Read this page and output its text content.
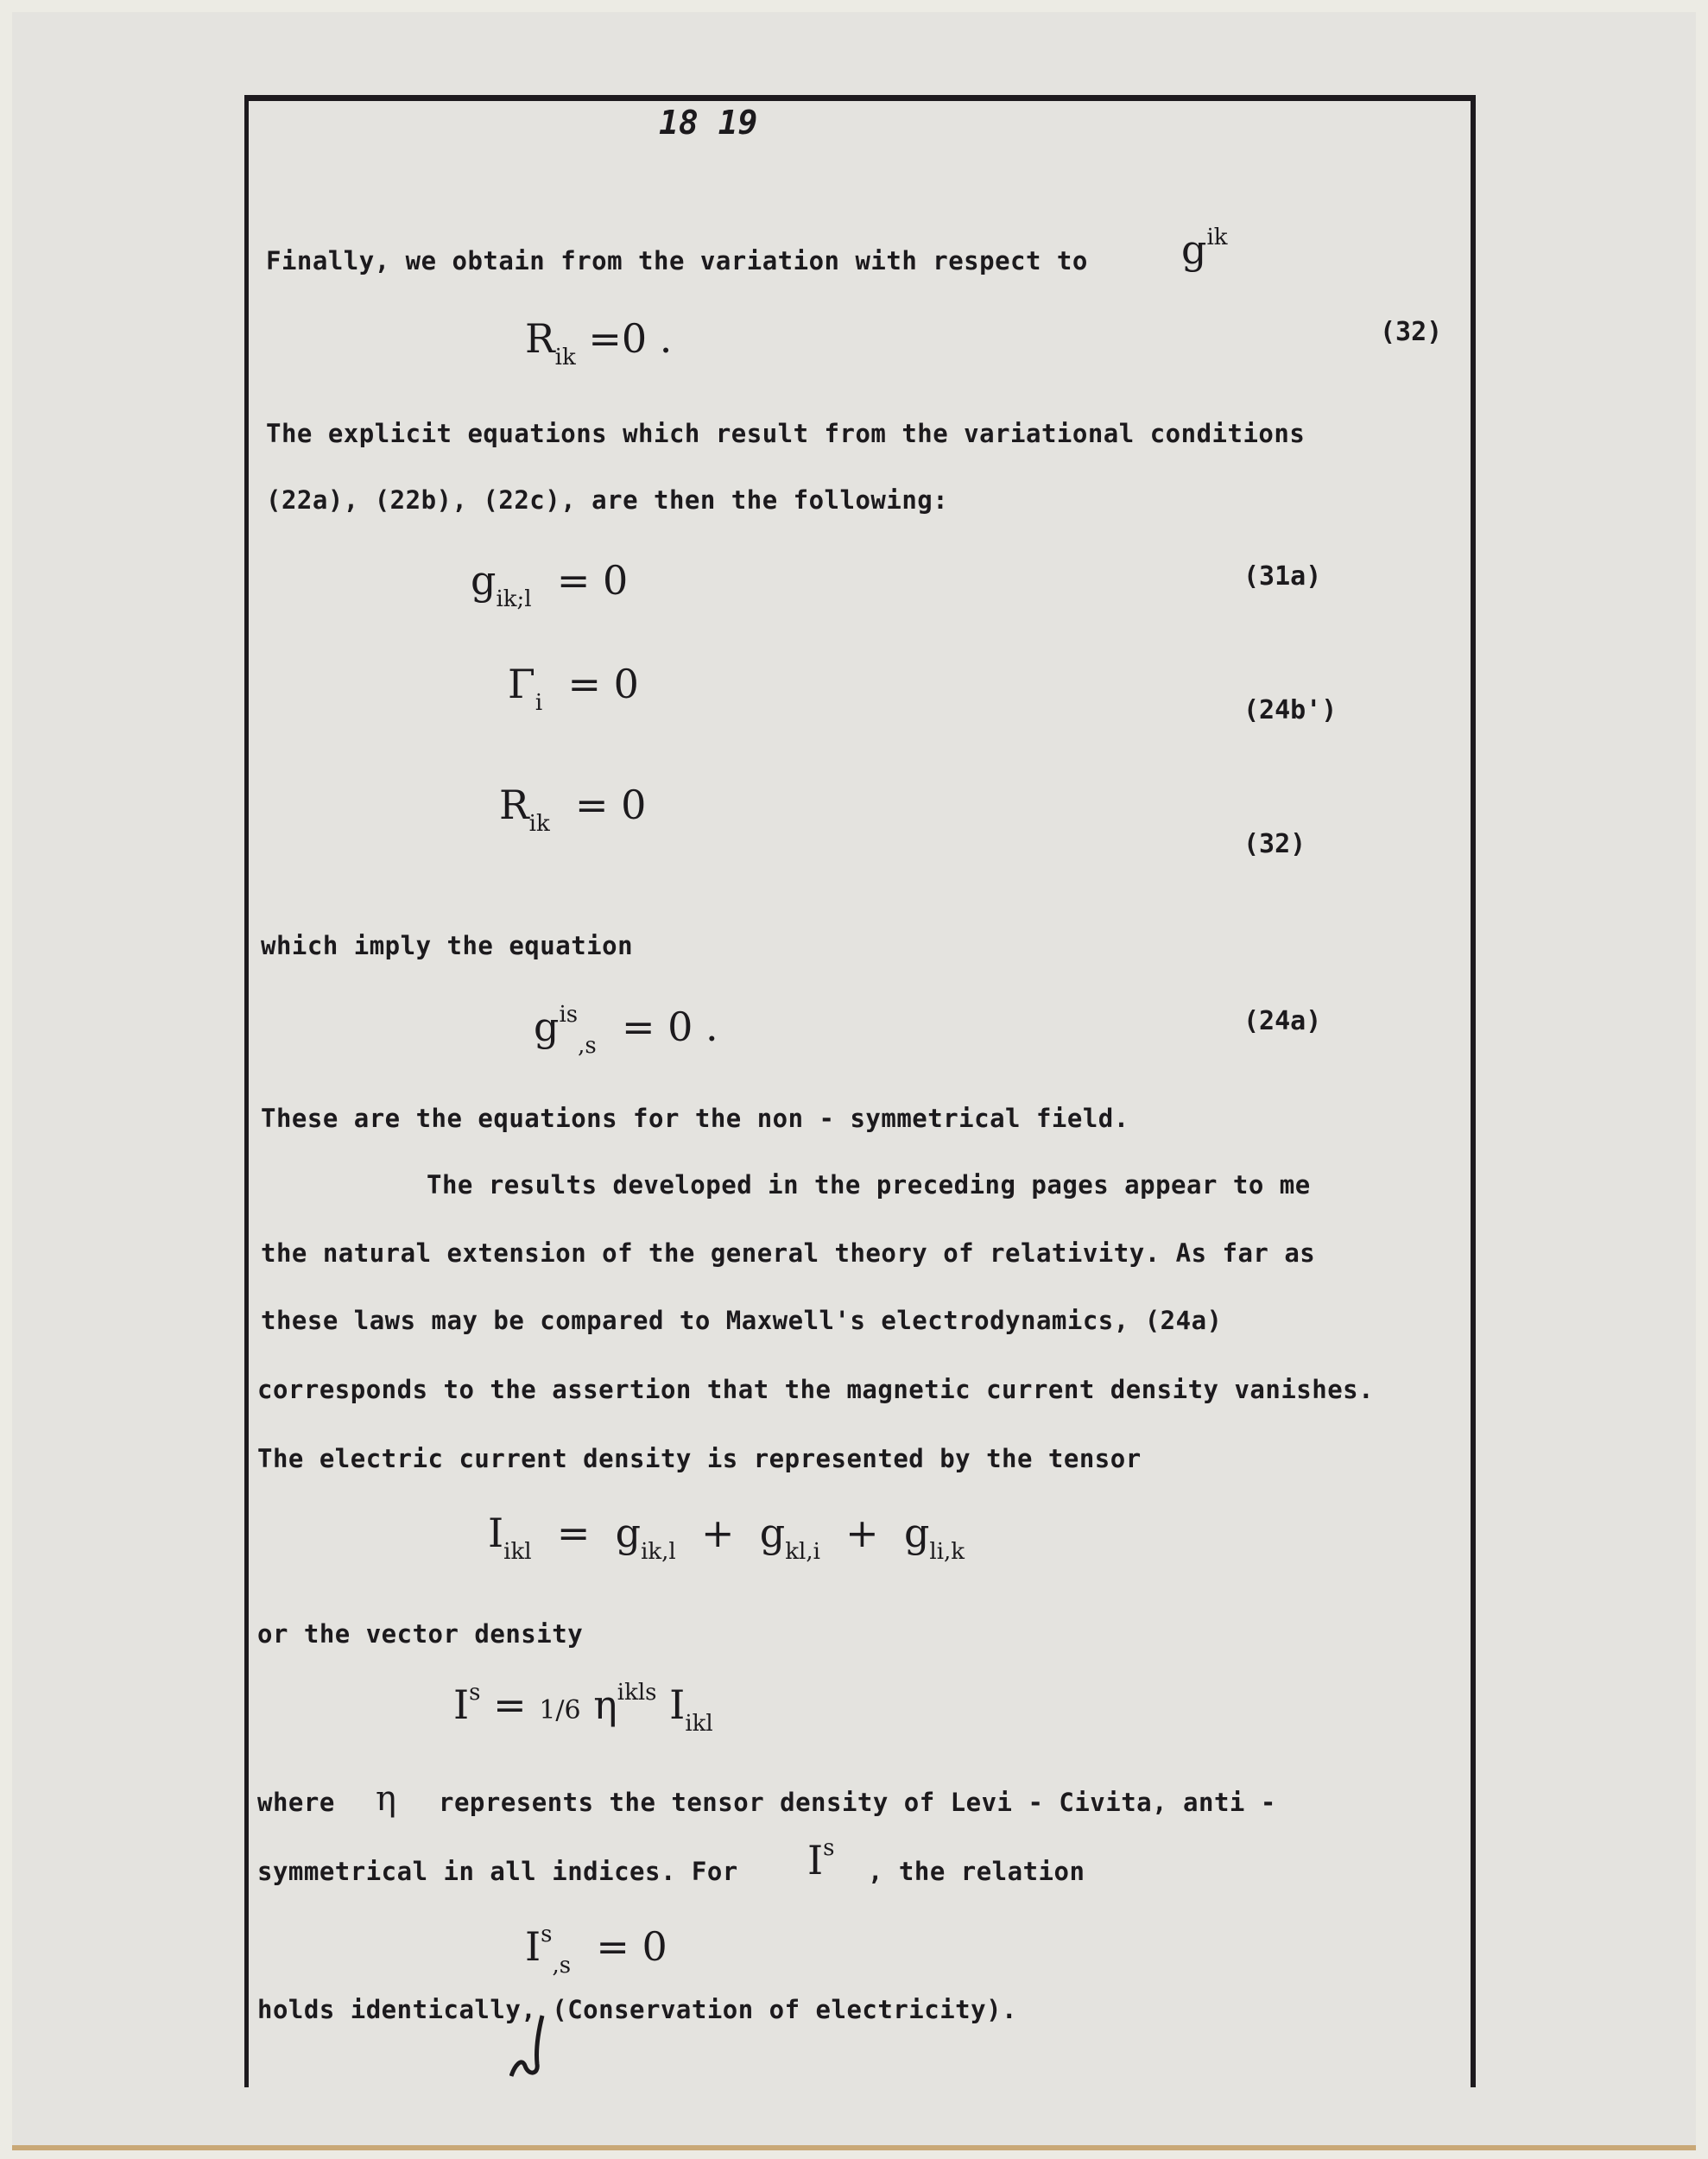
18 19
Finally, we obtain from the variation with respect to $g^{ik}$
$R_{ik} =0$ .	(32)
The explicit equations which result from the variational conditions
(22a), (22b), (22c), are then the following:
$g_{ik;l} = 0$	(31a)
$\Gamma_i = 0$
(24b')
$R_{ik} = 0$
(32)
which imply the equation
$g^{is}_{,s} = 0$ .	(24a)
These are the equations for the non - symmetrical field.
The results developed in the preceding pages appear to me
the natural extension of the general theory of relativity. As far as
these laws may be compared to Maxwell's electrodynamics, (24a)
corresponds to the assertion that the magnetic current density vanishes.
The electric current density is represented by the tensor
$I_{ikl} = g_{ik,l} + g_{kl,i} + g_{li,k}$
or the vector density
$I^s = 1/6$ $\eta^{ikls}$ $I_{ikl}$
where η represents the tensor density of Levi - Civita, anti -
symmetrical in all indices. For $I^s$
, the relation
$I^s_{,s} = 0$
holds identically, (Conservation of electricity).
